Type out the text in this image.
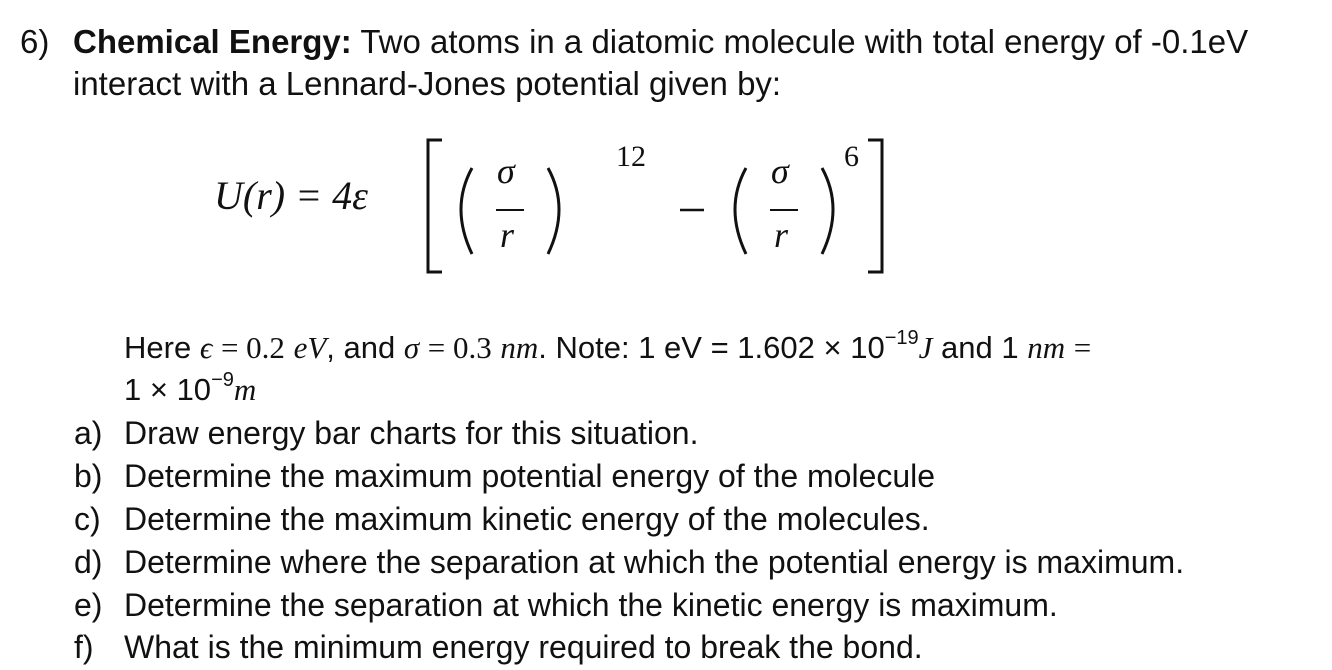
6) Chemical Energy: Two atoms in a diatomic molecule with total energy of -0.1eV
interact with a Lennard-Jones potential given by:
U(r) = 4ε
σ
r
12	σ
r
6
Here ϵ = 0.2 eV, and σ = 0.3 nm. Note: 1 eV = $1.602 \times 10^{-19}J$ and 1 nm =
$1 \times 10^{-9}m$
a) Draw energy bar charts for this situation.
b) Determine the maximum potential energy of the molecule
c) Determine the maximum kinetic energy of the molecules.
d) Determine where the separation at which the potential energy is maximum.
e) Determine the separation at which the kinetic energy is maximum.
f) What is the minimum energy required to break the bond.
